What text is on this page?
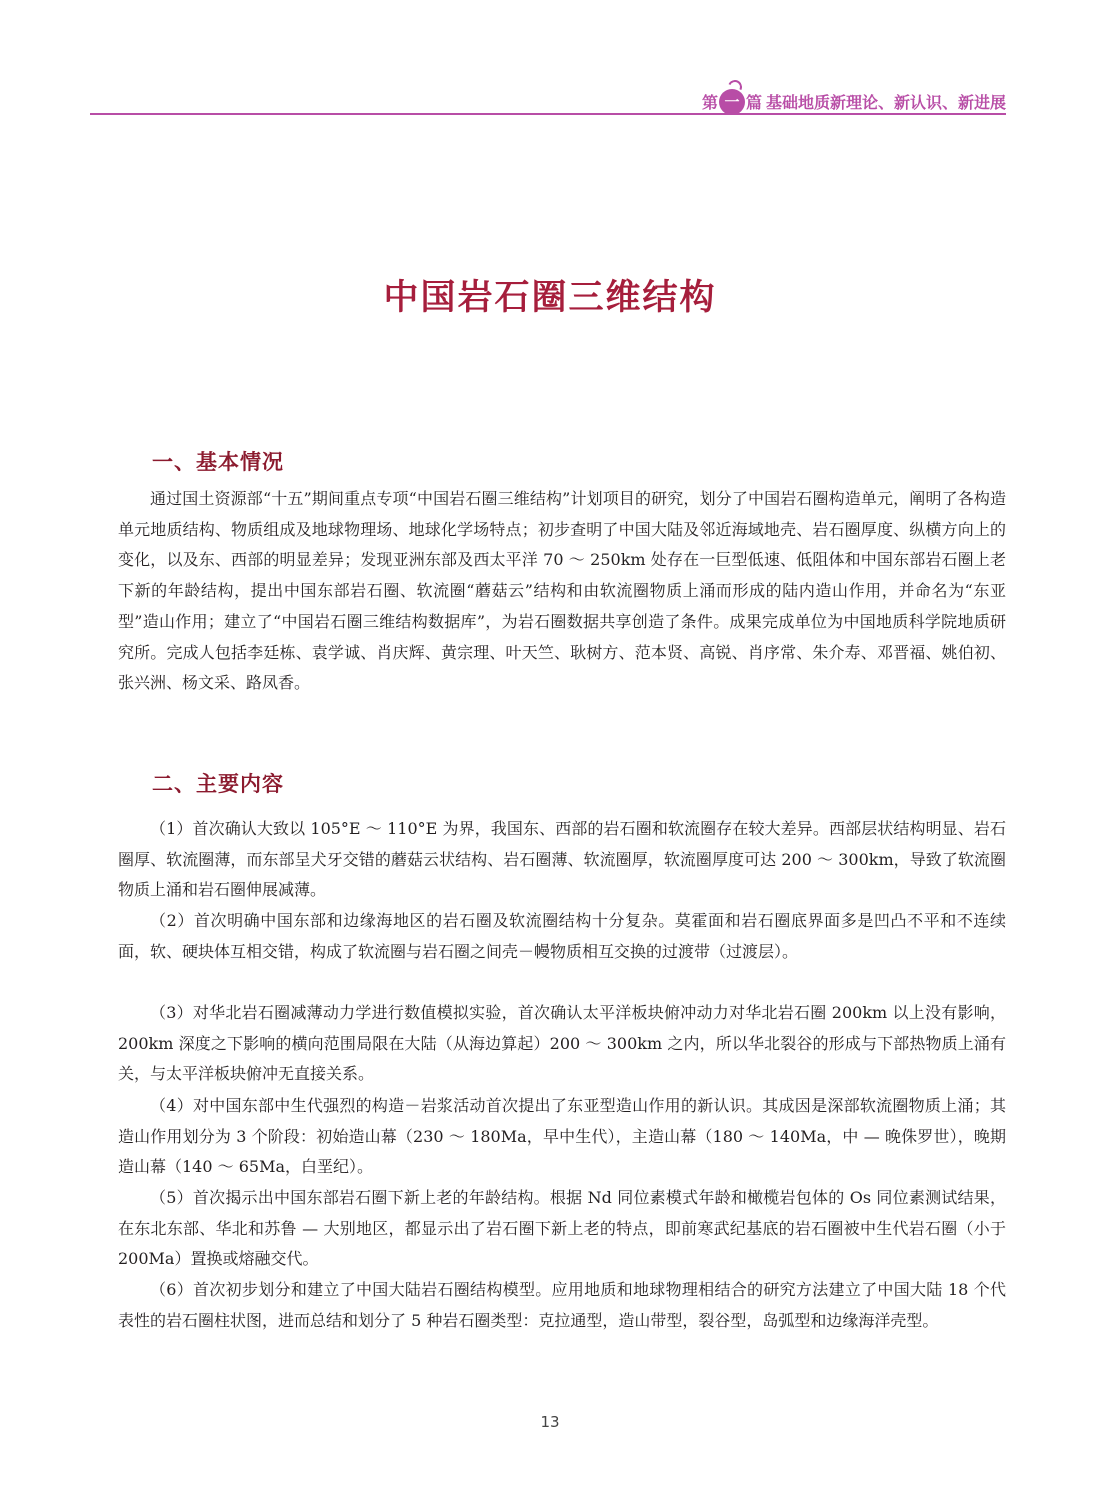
第 一 篇 基础地质新理论、新认识、新进展
中国岩石圈三维结构
一、基本情况

通过国土资源部“十五”期间重点专项“中国岩石圈三维结构”计划项目的研究，划分了中国岩石圈构造单元，阐明了各构造单元地质结构、物质组成及地球物理场、地球化学场特点；初步查明了中国大陆及邻近海域地壳、岩石圈厚度、纵横方向上的变化，以及东、西部的明显差异；发现亚洲东部及西太平洋 70 ～ 250km 处存在一巨型低速、低阻体和中国东部岩石圈上老下新的年龄结构，提出中国东部岩石圈、软流圈“蘑菇云”结构和由软流圈物质上涌而形成的陆内造山作用，并命名为“东亚型”造山作用；建立了“中国岩石圈三维结构数据库”，为岩石圈数据共享创造了条件。成果完成单位为中国地质科学院地质研究所。完成人包括李廷栋、袁学诚、肖庆辉、黄宗理、叶天竺、耿树方、范本贤、高锐、肖序常、朱介寿、邓晋福、姚伯初、张兴洲、杨文采、路凤香。

二、主要内容

（1）首次确认大致以 105°E ～ 110°E 为界，我国东、西部的岩石圈和软流圈存在较大差异。西部层状结构明显、岩石圈厚、软流圈薄，而东部呈犬牙交错的蘑菇云状结构、岩石圈薄、软流圈厚，软流圈厚度可达 200 ～ 300km，导致了软流圈物质上涌和岩石圈伸展减薄。

（2）首次明确中国东部和边缘海地区的岩石圈及软流圈结构十分复杂。莫霍面和岩石圈底界面多是凹凸不平和不连续面，软、硬块体互相交错，构成了软流圈与岩石圈之间壳－幔物质相互交换的过渡带（过渡层）。

（3）对华北岩石圈减薄动力学进行数值模拟实验，首次确认太平洋板块俯冲动力对华北岩石圈 200km 以上没有影响，200km 深度之下影响的横向范围局限在大陆（从海边算起）200 ～ 300km 之内，所以华北裂谷的形成与下部热物质上涌有关，与太平洋板块俯冲无直接关系。

（4）对中国东部中生代强烈的构造－岩浆活动首次提出了东亚型造山作用的新认识。其成因是深部软流圈物质上涌；其造山作用划分为 3 个阶段：初始造山幕（230 ～ 180Ma，早中生代），主造山幕（180 ～ 140Ma，中 — 晚侏罗世），晚期造山幕（140 ～ 65Ma，白垩纪）。

（5）首次揭示出中国东部岩石圈下新上老的年龄结构。根据 Nd 同位素模式年龄和橄榄岩包体的 Os 同位素测试结果，在东北东部、华北和苏鲁 — 大别地区，都显示出了岩石圈下新上老的特点，即前寒武纪基底的岩石圈被中生代岩石圈（小于 200Ma）置换或熔融交代。

（6）首次初步划分和建立了中国大陆岩石圈结构模型。应用地质和地球物理相结合的研究方法建立了中国大陆 18 个代表性的岩石圈柱状图，进而总结和划分了 5 种岩石圈类型：克拉通型，造山带型，裂谷型，岛弧型和边缘海洋壳型。

13
